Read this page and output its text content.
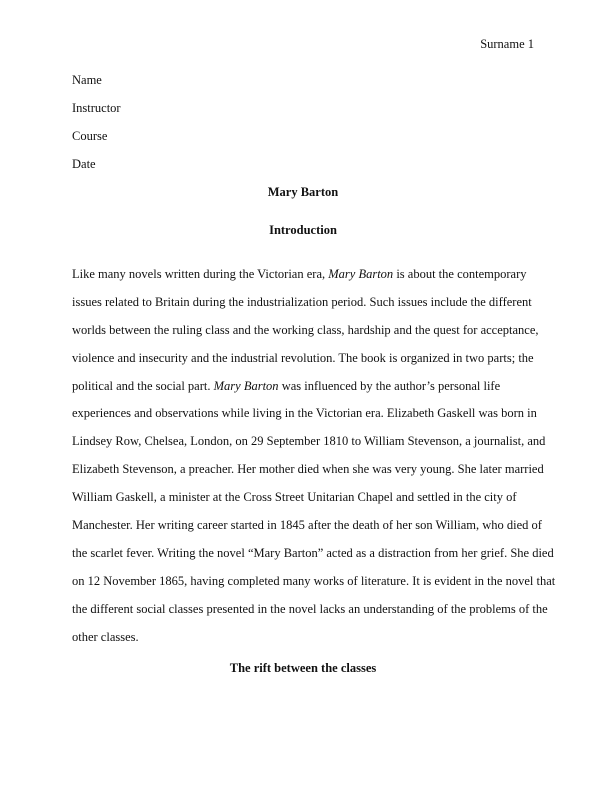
Surname 1
Name
Instructor
Course
Date
Mary Barton
Introduction
Like many novels written during the Victorian era, Mary Barton is about the contemporary
issues related to Britain during the industrialization period. Such issues include the different
worlds between the ruling class and the working class, hardship and the quest for acceptance,
violence and insecurity and the industrial revolution. The book is organized in two parts; the
political and the social part. Mary Barton was influenced by the author’s personal life
experiences and observations while living in the Victorian era. Elizabeth Gaskell was born in
Lindsey Row, Chelsea, London, on 29 September 1810 to William Stevenson, a journalist, and
Elizabeth Stevenson, a preacher. Her mother died when she was very young. She later married
William Gaskell, a minister at the Cross Street Unitarian Chapel and settled in the city of
Manchester. Her writing career started in 1845 after the death of her son William, who died of
the scarlet fever. Writing the novel “Mary Barton” acted as a distraction from her grief. She died
on 12 November 1865, having completed many works of literature. It is evident in the novel that
the different social classes presented in the novel lacks an understanding of the problems of the
other classes.
The rift between the classes
